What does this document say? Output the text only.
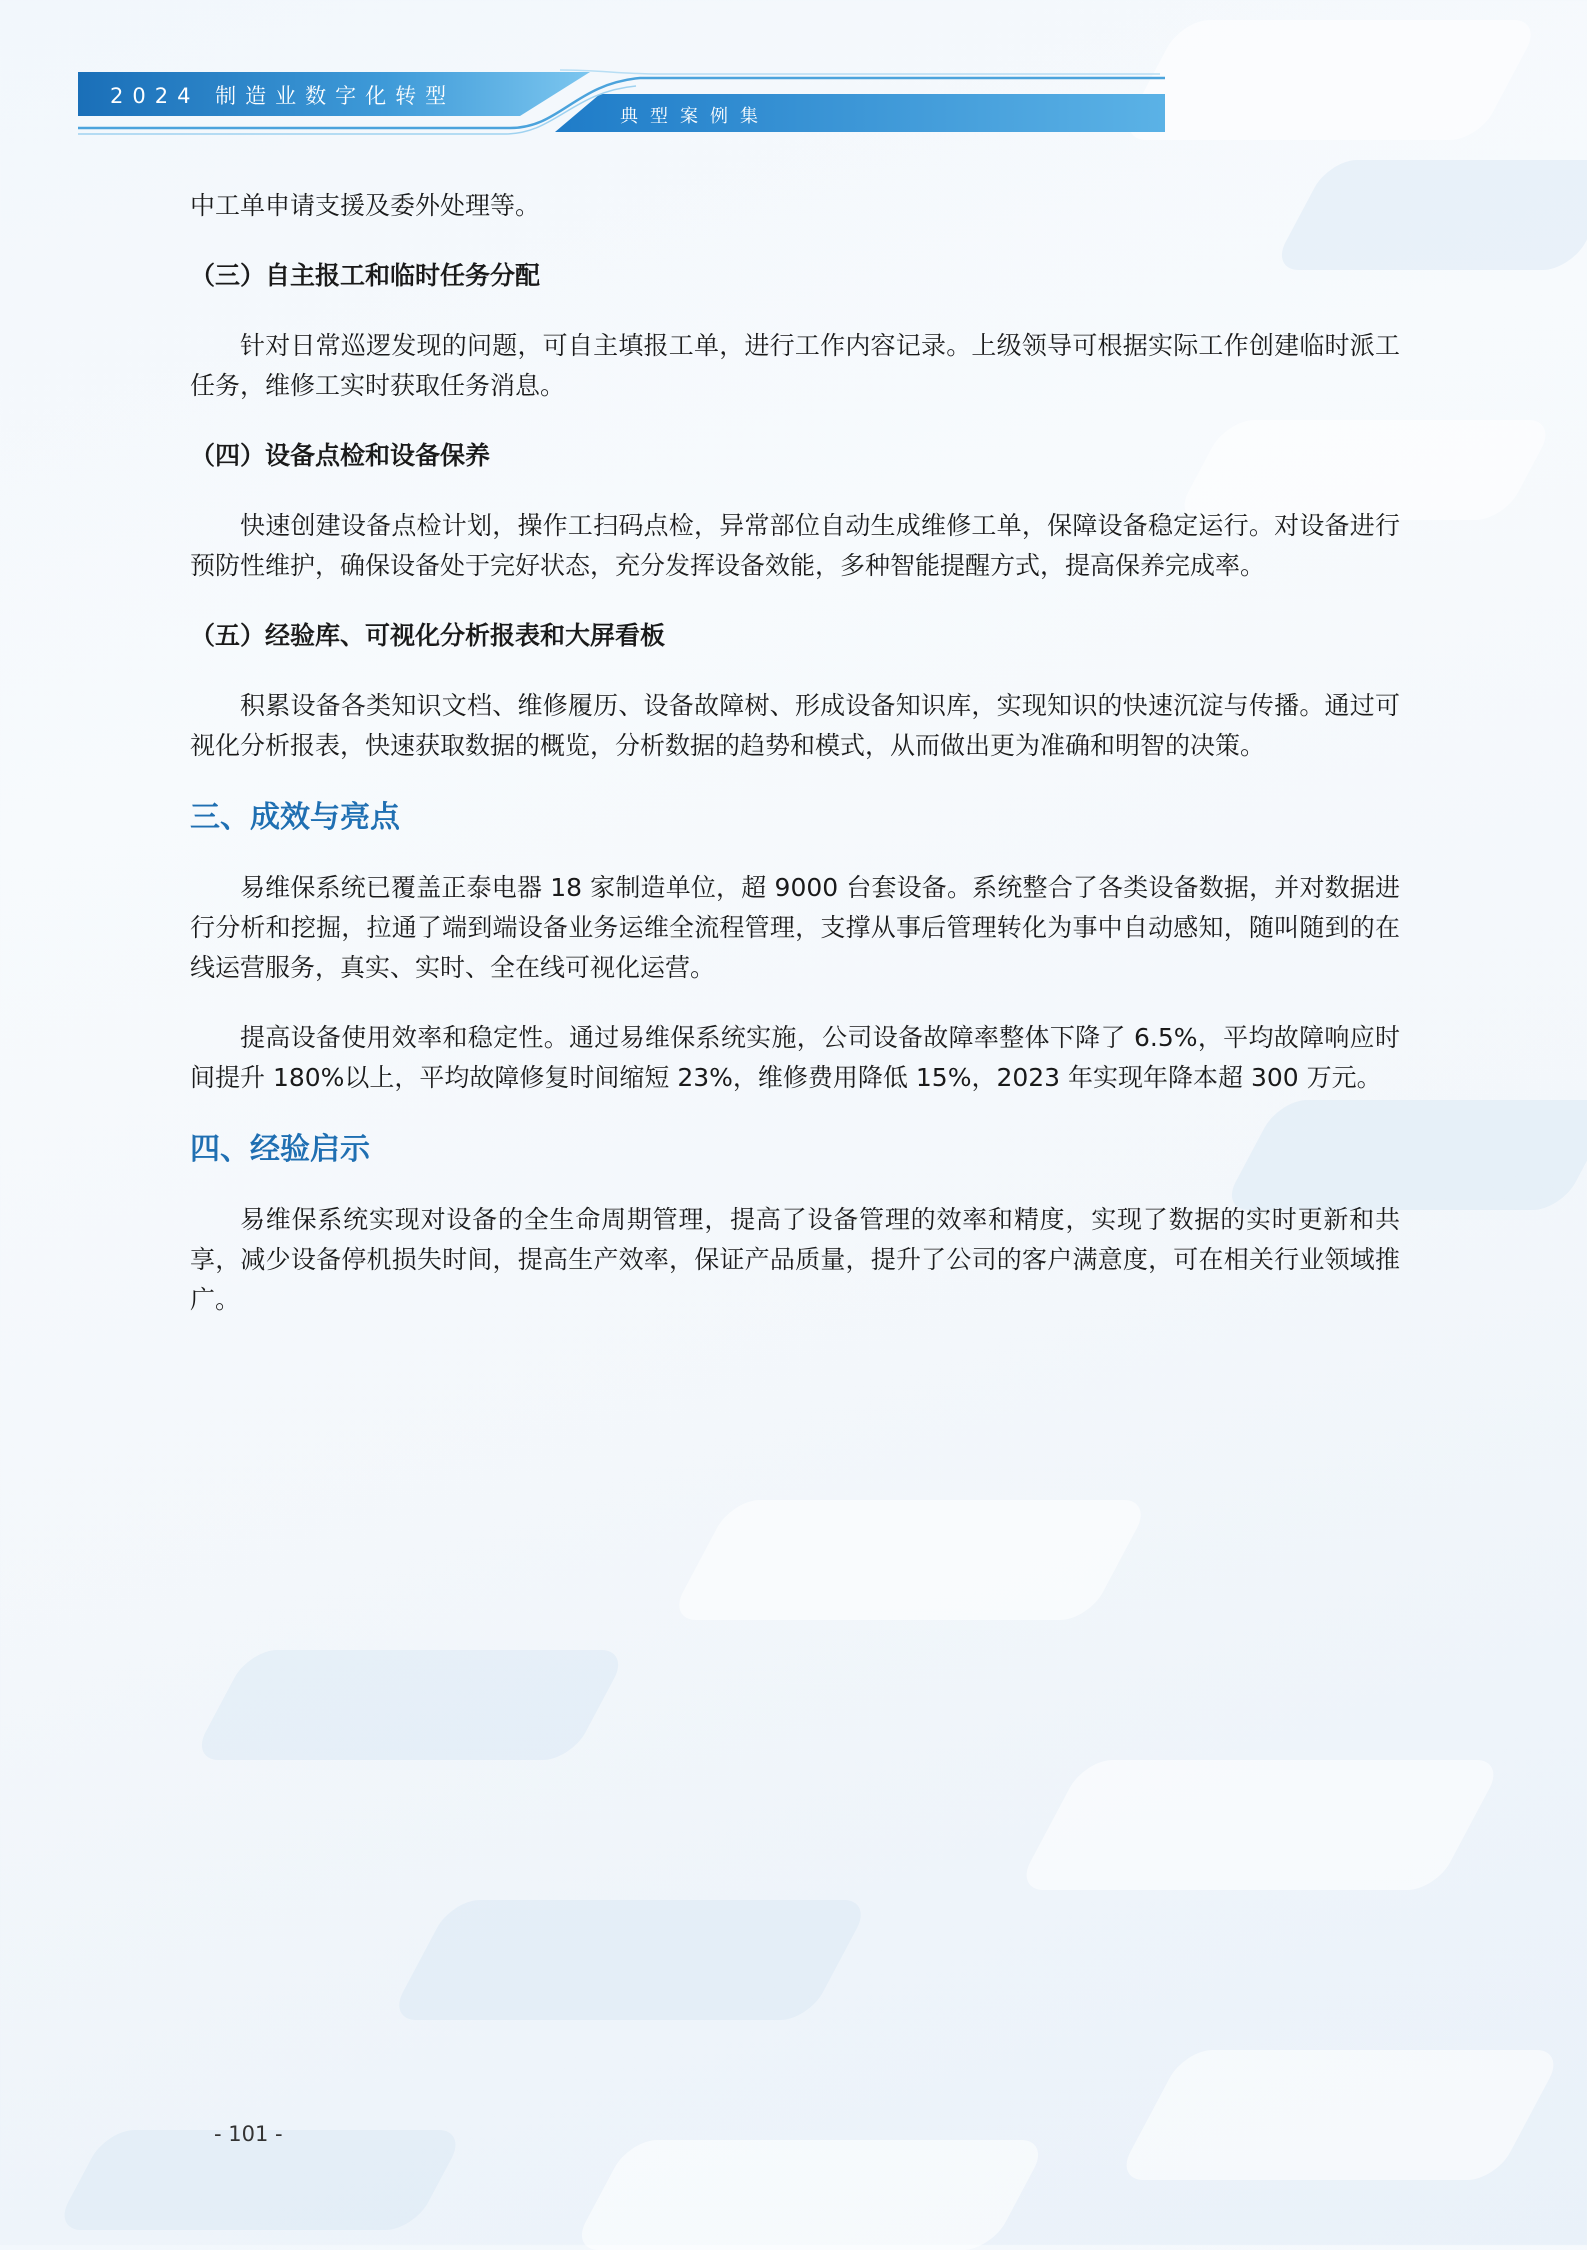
2024 制造业数字化转型
典型案例集

中工单申请支援及委外处理等。

（三）自主报工和临时任务分配

针对日常巡逻发现的问题，可自主填报工单，进行工作内容记录。上级领导可根据实际工作创建临时派工任务，维修工实时获取任务消息。

（四）设备点检和设备保养

快速创建设备点检计划，操作工扫码点检，异常部位自动生成维修工单，保障设备稳定运行。对设备进行预防性维护，确保设备处于完好状态，充分发挥设备效能，多种智能提醒方式，提高保养完成率。

（五）经验库、可视化分析报表和大屏看板

积累设备各类知识文档、维修履历、设备故障树、形成设备知识库，实现知识的快速沉淀与传播。通过可视化分析报表，快速获取数据的概览，分析数据的趋势和模式，从而做出更为准确和明智的决策。

三、成效与亮点

易维保系统已覆盖正泰电器 18 家制造单位，超 9000 台套设备。系统整合了各类设备数据，并对数据进行分析和挖掘，拉通了端到端设备业务运维全流程管理，支撑从事后管理转化为事中自动感知，随叫随到的在线运营服务，真实、实时、全在线可视化运营。

提高设备使用效率和稳定性。通过易维保系统实施，公司设备故障率整体下降了 6.5%，平均故障响应时间提升 180%以上，平均故障修复时间缩短 23%，维修费用降低 15%，2023 年实现年降本超 300 万元。

四、经验启示

易维保系统实现对设备的全生命周期管理，提高了设备管理的效率和精度，实现了数据的实时更新和共享，减少设备停机损失时间，提高生产效率，保证产品质量，提升了公司的客户满意度，可在相关行业领域推广。

- 101 -
